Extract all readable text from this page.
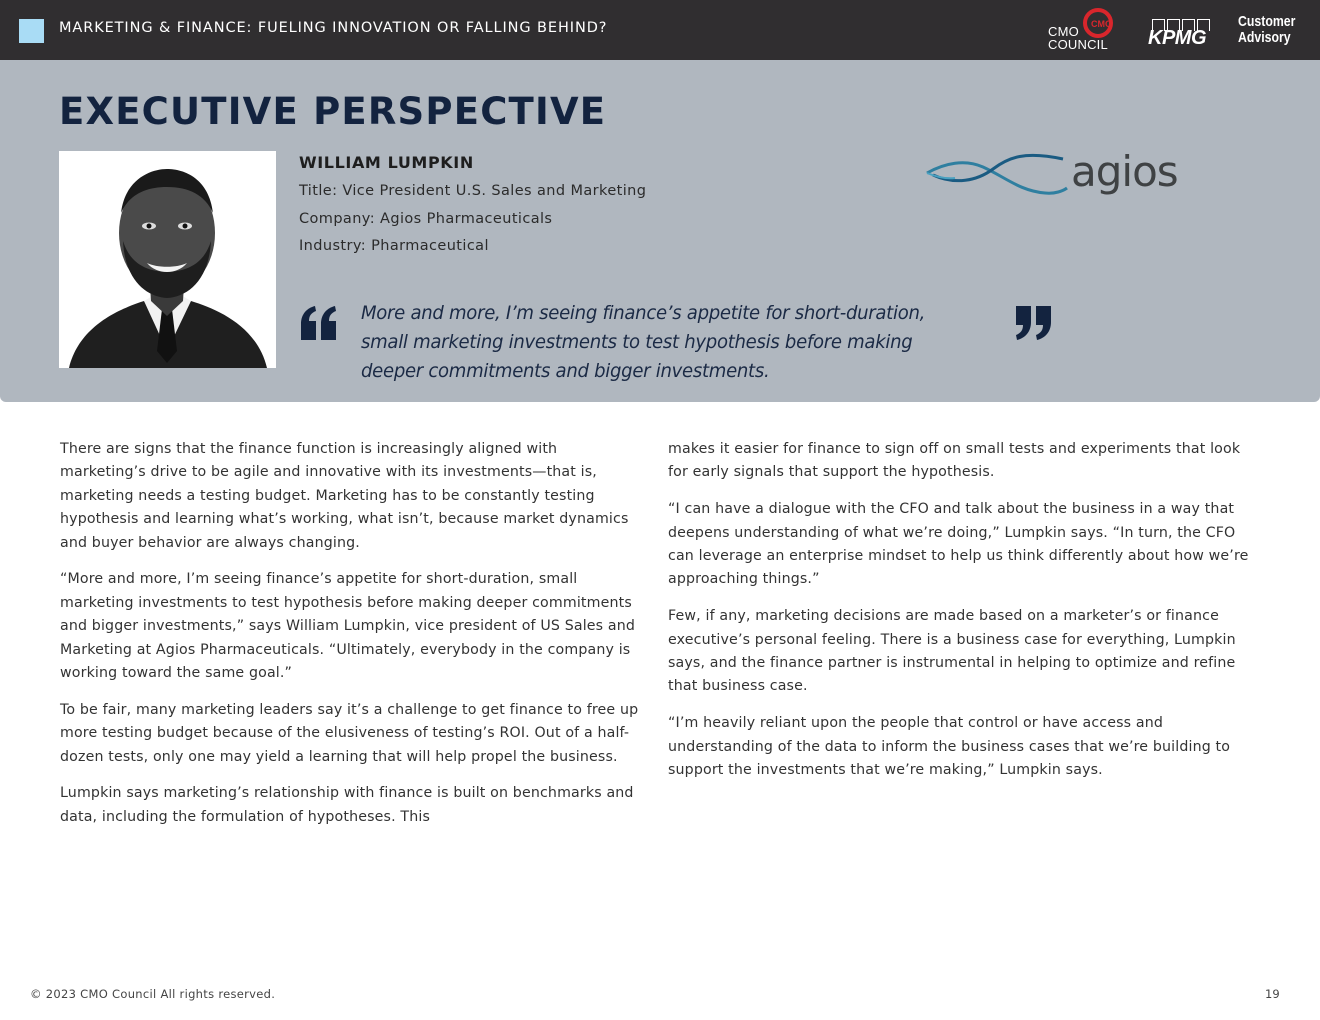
MARKETING & FINANCE: FUELING INNOVATION OR FALLING BEHIND?	CMO
CMO
COUNCIL KPMG
Customer
Advisory
EXECUTIVE PERSPECTIVE
WILLIAM LUMPKIN
Title: Vice President U.S. Sales and Marketing
Company: Agios Pharmaceuticals
Industry: Pharmaceutical
agios
More and more, I’m seeing finance’s appetite for short-duration, small marketing investments to test hypothesis before making deeper commitments and bigger investments.

There are signs that the finance function is increasingly aligned with marketing’s drive to be agile and innovative with its investments—that is, marketing needs a testing budget. Marketing has to be constantly testing hypothesis and learning what’s working, what isn’t, because market dynamics and buyer behavior are always changing.

“More and more, I’m seeing finance’s appetite for short-duration, small marketing investments to test hypothesis before making deeper commitments and bigger investments,” says William Lumpkin, vice president of US Sales and Marketing at Agios Pharmaceuticals. “Ultimately, everybody in the company is working toward the same goal.”

To be fair, many marketing leaders say it’s a challenge to get finance to free up more testing budget because of the elusiveness of testing’s ROI. Out of a half-dozen tests, only one may yield a learning that will help propel the business.

Lumpkin says marketing’s relationship with finance is built on benchmarks and data, including the formulation of hypotheses. This

makes it easier for finance to sign off on small tests and experiments that look for early signals that support the hypothesis.

“I can have a dialogue with the CFO and talk about the business in a way that deepens understanding of what we’re doing,” Lumpkin says. “In turn, the CFO can leverage an enterprise mindset to help us think differently about how we’re approaching things.”

Few, if any, marketing decisions are made based on a marketer’s or finance executive’s personal feeling. There is a business case for everything, Lumpkin says, and the finance partner is instrumental in helping to optimize and refine that business case.

“I’m heavily reliant upon the people that control or have access and understanding of the data to inform the business cases that we’re building to support the investments that we’re making,” Lumpkin says.

© 2023 CMO Council All rights reserved.	19
